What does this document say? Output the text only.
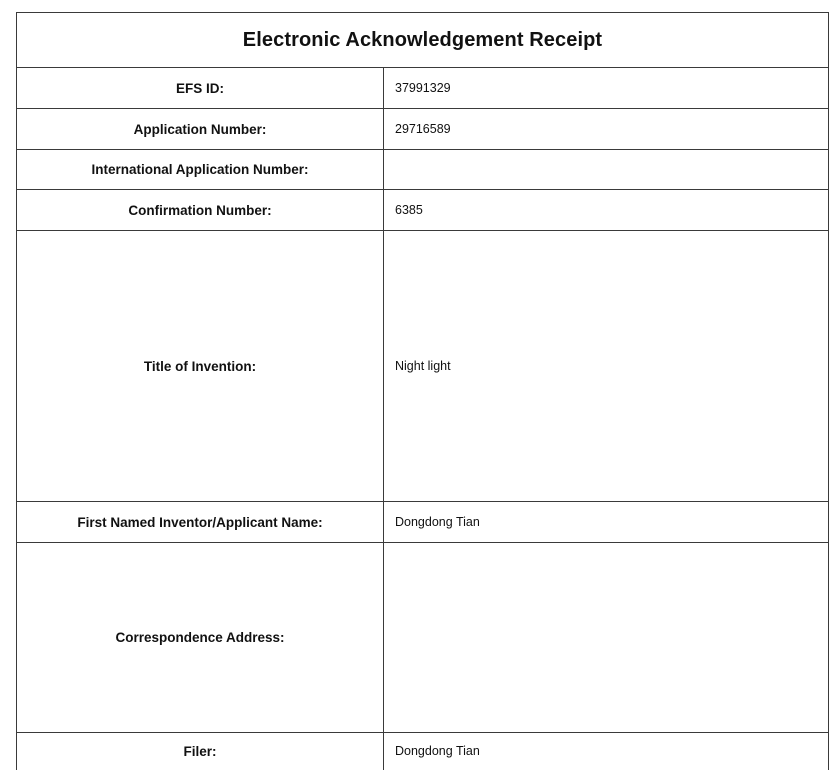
Electronic Acknowledgement Receipt
EFS ID:	37991329
Application Number:	29716589
International Application Number:
Confirmation Number:	6385
Title of Invention:	Night light
First Named Inventor/Applicant Name:	Dongdong Tian
Correspondence Address:
Filer:	Dongdong Tian
